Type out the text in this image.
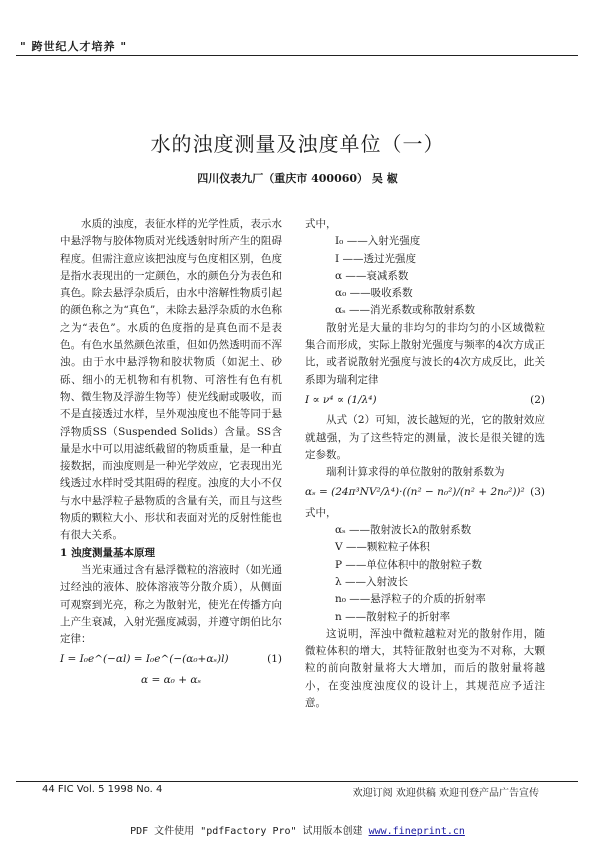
" 跨世纪人才培养 "
水的浊度测量及浊度单位（一）
四川仪表九厂（重庆市 400060） 吴 椒

水质的浊度，表征水样的光学性质，表示水中悬浮物与胶体物质对光线透射时所产生的阻碍程度。但需注意应该把浊度与色度相区别，色度是指水表现出的一定颜色，水的颜色分为表色和真色。除去悬浮杂质后，由水中溶解性物质引起的颜色称之为“真色”，未除去悬浮杂质的水色称之为“表色”。水质的色度指的是真色而不是表色。有色水虽然颜色浓重，但如仍然透明而不浑浊。由于水中悬浮物和胶状物质（如泥土、砂砾、细小的无机物和有机物、可溶性有色有机物、微生物及浮游生物等）使光线耐或吸收，而不是直接透过水样，呈外观浊度也不能等同于悬浮物质SS（Suspended Solids）含量。SS含量是水中可以用滤纸截留的物质重量，是一种直接数据，而浊度则是一种光学效应，它表现出光线透过水样时受其阻碍的程度。浊度的大小不仅与水中悬浮粒子悬物质的含量有关，而且与这些物质的颗粒大小、形状和表面对光的反射性能也有很大关系。

1 浊度测量基本原理

当光束通过含有悬浮微粒的溶液时（如光通过经浊的液体、胶体溶液等分散介质），从侧面可观察到光亮，称之为散射光，使光在传播方向上产生衰减，入射光强度减弱，并遵守朗伯比尔定律：

I = I₀e^(−αl) = I₀e^(−(α₀+αₛ)l)	(1)

α = α₀ + αₛ

式中，

I₀ ——入射光强度

I ——透过光强度

α ——衰减系数

α₀ ——吸收系数

αₛ ——消光系数或称散射系数

散射光是大量的非均匀的非均匀的小区域微粒集合而形成，实际上散射光强度与频率的4次方成正比，或者说散射光强度与波长的4次方成反比，此关系即为瑞利定律

I ∝ ν⁴ ∝ (1/λ⁴)	(2)

从式（2）可知，波长越短的光，它的散射效应就越强，为了这些特定的测量，波长是很关键的选定参数。

瑞利计算求得的单位散射的散射系数为

αₛ = (24π³NV²/λ⁴)·((n² − n₀²)/(n² + 2n₀²))² (3)

式中，

αₛ ——散射波长λ的散射系数

V ——颗粒粒子体积

P ——单位体积中的散射粒子数

λ ——入射波长

n₀ ——悬浮粒子的介质的折射率

n ——散射粒子的折射率

这说明，浑浊中微粒越粒对光的散射作用，随微粒体积的增大，其特征散射也变为不对称，大颗粒的前向散射量将大大增加，而后的散射量将越小，在变浊度浊度仪的设计上，其规范应予适注意。

44 FIC Vol. 5 1998 No. 4	欢迎订阅 欢迎供稿 欢迎刊登产品广告宣传
PDF 文件使用 "pdfFactory Pro" 试用版本创建 www.fineprint.cn
